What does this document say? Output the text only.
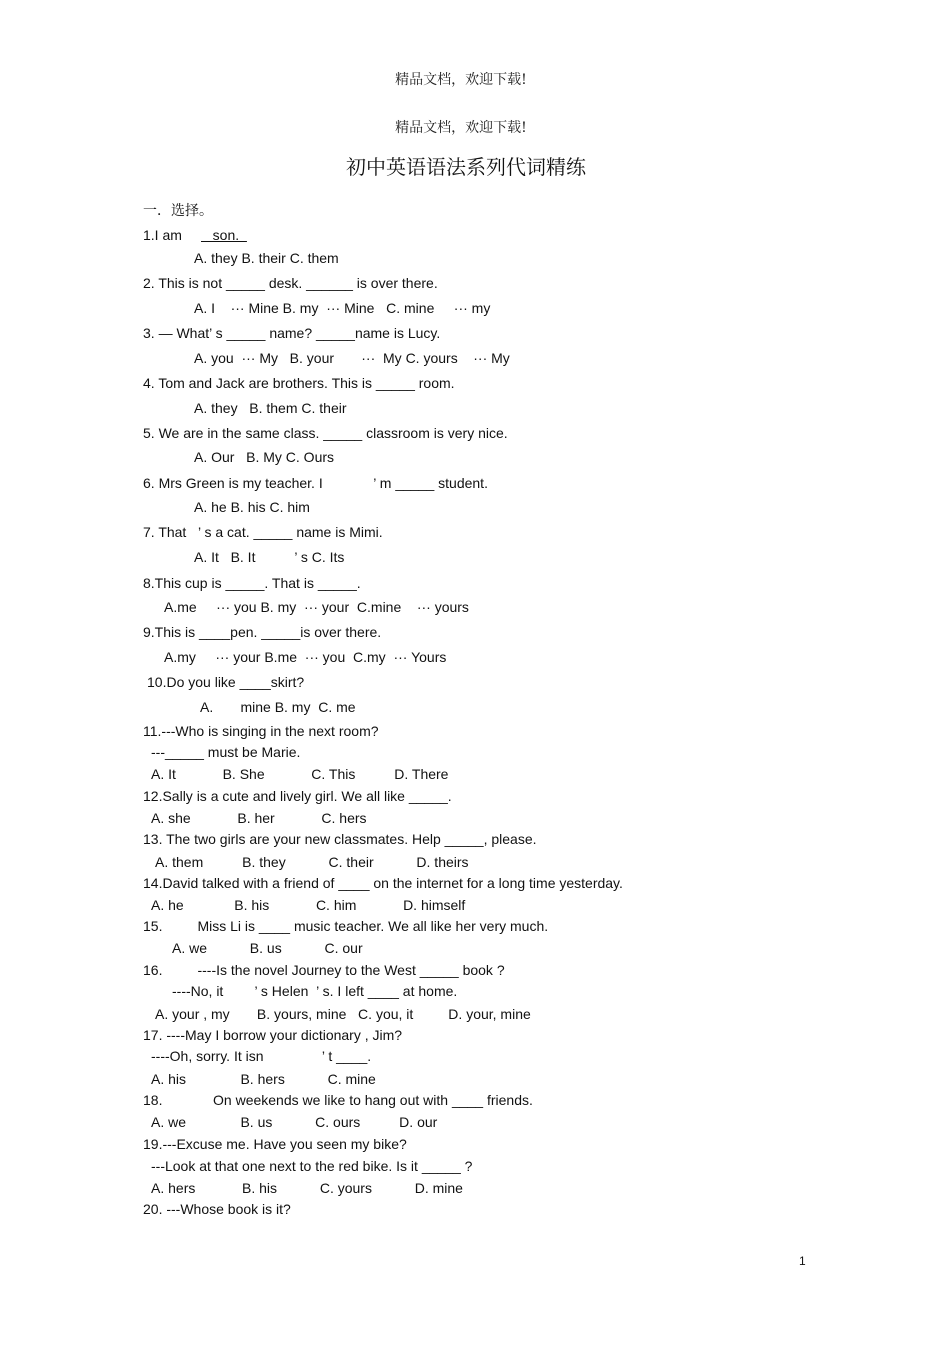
精品文档，欢迎下载!
精品文档，欢迎下载!
初中英语语法系列代词精练
一．选择。
1.I am son.
A. they B. their C. them
2. This is not _____ desk. ______ is over there.
A. I    ··· Mine B. my  ··· Mine   C. mine     ··· my
3. — What’ s _____ name? _____name is Lucy.
A. you  ··· My   B. your       ···  My C. yours    ··· My
4. Tom and Jack are brothers. This is _____ room.
A. they   B. them C. their
5. We are in the same class. _____ classroom is very nice.
A. Our   B. My C. Ours
6. Mrs Green is my teacher. I             ’ m _____ student.
A. he B. his C. him
7. That   ’ s a cat. _____ name is Mimi.
A. It   B. It          ’ s C. Its
8.This cup is _____. That is _____.
A.me     ··· you B. my  ··· your  C.mine    ··· yours
9.This is ____pen. _____is over there.
A.my     ··· your B.me  ··· you  C.my  ··· Yours
10.Do you like ____skirt?
A.       mine B. my  C. me
11.---Who is singing in the next room?
---_____ must be Marie.
A. It            B. She            C. This          D. There
12.Sally is a cute and lively girl. We all like _____.
A. she            B. her            C. hers
13. The two girls are your new classmates. Help _____, please.
A. them          B. they           C. their           D. theirs
14.David talked with a friend of ____ on the internet for a long time yesterday.
A. he             B. his            C. him            D. himself
15.         Miss Li is ____ music teacher. We all like her very much.
A. we           B. us           C. our
16.         ----Is the novel Journey to the West _____ book ?
----No, it        ’ s Helen  ’ s. I left ____ at home.
A. your , my       B. yours, mine   C. you, it         D. your, mine
17. ----May I borrow your dictionary , Jim?
----Oh, sorry. It isn               ’ t ____.
A. his              B. hers           C. mine
18.             On weekends we like to hang out with ____ friends.
A. we              B. us           C. ours          D. our
19.---Excuse me. Have you seen my bike?
---Look at that one next to the red bike. Is it _____ ?
A. hers            B. his           C. yours           D. mine
20. ---Whose book is it?
1
